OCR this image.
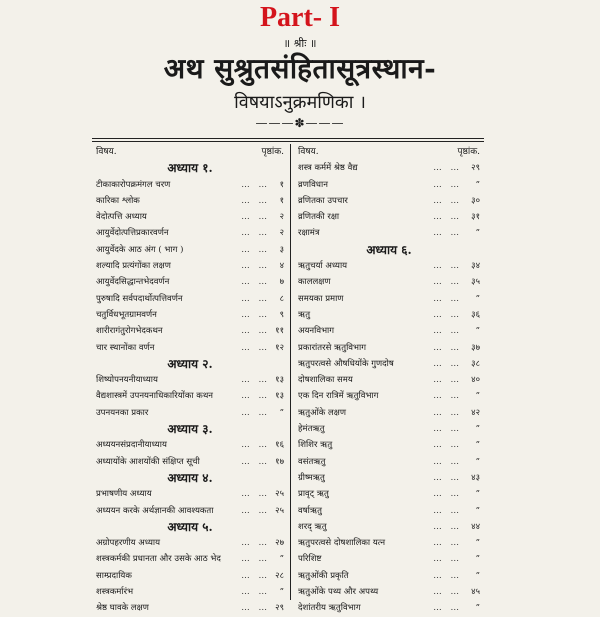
Part- I
॥ श्रीः ॥
अथ सुश्रुतसंहितासूत्रस्थान-
विषयाऽनुक्रमणिका ।
———✽———
विषय.	पृष्ठांक.
अध्याय १.
टीकाकारोपक्रमंगल चरण	… … १
कारिका श्लोक	… … १
वेदोत्पत्ति अध्याय	… … २
आयुर्वेदोत्पत्तिप्रकारवर्णन	… … २
आयुर्वेदके आठ अंग ( भाग )	… … ३
शल्यादि प्रत्यंगोंका लक्षण	… … ४
आयुर्वेदसिद्धान्तभेदवर्णन	… … ७
पुरुषादि सर्वपदार्थोत्पत्तिवर्णन	… … ८
चतुर्विधभूतग्रामवर्णन	… … ९
शारीरागंतुरोगभेदकथन	… … ११
चार स्थानोंका वर्णन	… … १२
अध्याय २.
शिष्योपनयनीयाध्याय	… … १३
वैद्यशास्त्रमें उपनयनाधिकारियोंका कथन	… … १३
उपनयनका प्रकार	… … ”
अध्याय ३.
अध्ययनसंप्रदानीयाध्याय	… … १६
अध्यायोंके आशयोंकी संक्षिप्त सूची	… … १७
अध्याय ४.
प्रभाषणीय अध्याय	… … २५
अध्ययन करके अर्थज्ञानकी आवश्यकता	… … २५
अध्याय ५.
अग्रोपहरणीय अध्याय	… … २७
शस्त्रकर्मकी प्रधानता और उसके आठ भेद … … ”
साम्प्रदायिक	… … २८
शस्त्रकर्मारंभ	… … ”
श्रेष्ठ घावके लक्षण	… … २९
विषय.	पृष्ठांक.
शस्त्र कर्ममें श्रेष्ठ वैद्य	… … २९
व्रणविधान	… … ”
व्रणितका उपचार	… … ३०
व्रणितकी रक्षा	… … ३१
रक्षामंत्र	… … ”
अध्याय ६.
ऋतुचर्या अध्याय	… … ३४
काललक्षण	… … ३५
समयका प्रमाण	… … ”
ऋतु	… … ३६
अयनविभाग	… … ”
प्रकारांतरसे ऋतुविभाग	… … ३७
ऋतुपरत्वसे औषधियोंके गुणदोष	… … ३८
दोषशालिका समय	… … ४०
एक दिन रात्रिमें ऋतुविभाग	… … ”
ऋतुओंके लक्षण	… … ४२
हेमंतऋतु	… … ”
शिशिर ऋतु	… … ”
वसंतऋतु	… … ”
ग्रीष्मऋतु	… … ४३
प्रावृट् ऋतु	… … ”
वर्षाऋतु	… … ”
शरद् ऋतु	… … ४४
ऋतुपरत्वसे दोषशालिका यत्न	… … ”
परिशिष्ट	… … ”
ऋतुओंकी प्रकृति	… … ”
ऋतुओंके पथ्य और अपथ्य	… … ४५
देशांतरीय ऋतुविभाग	… … ”
